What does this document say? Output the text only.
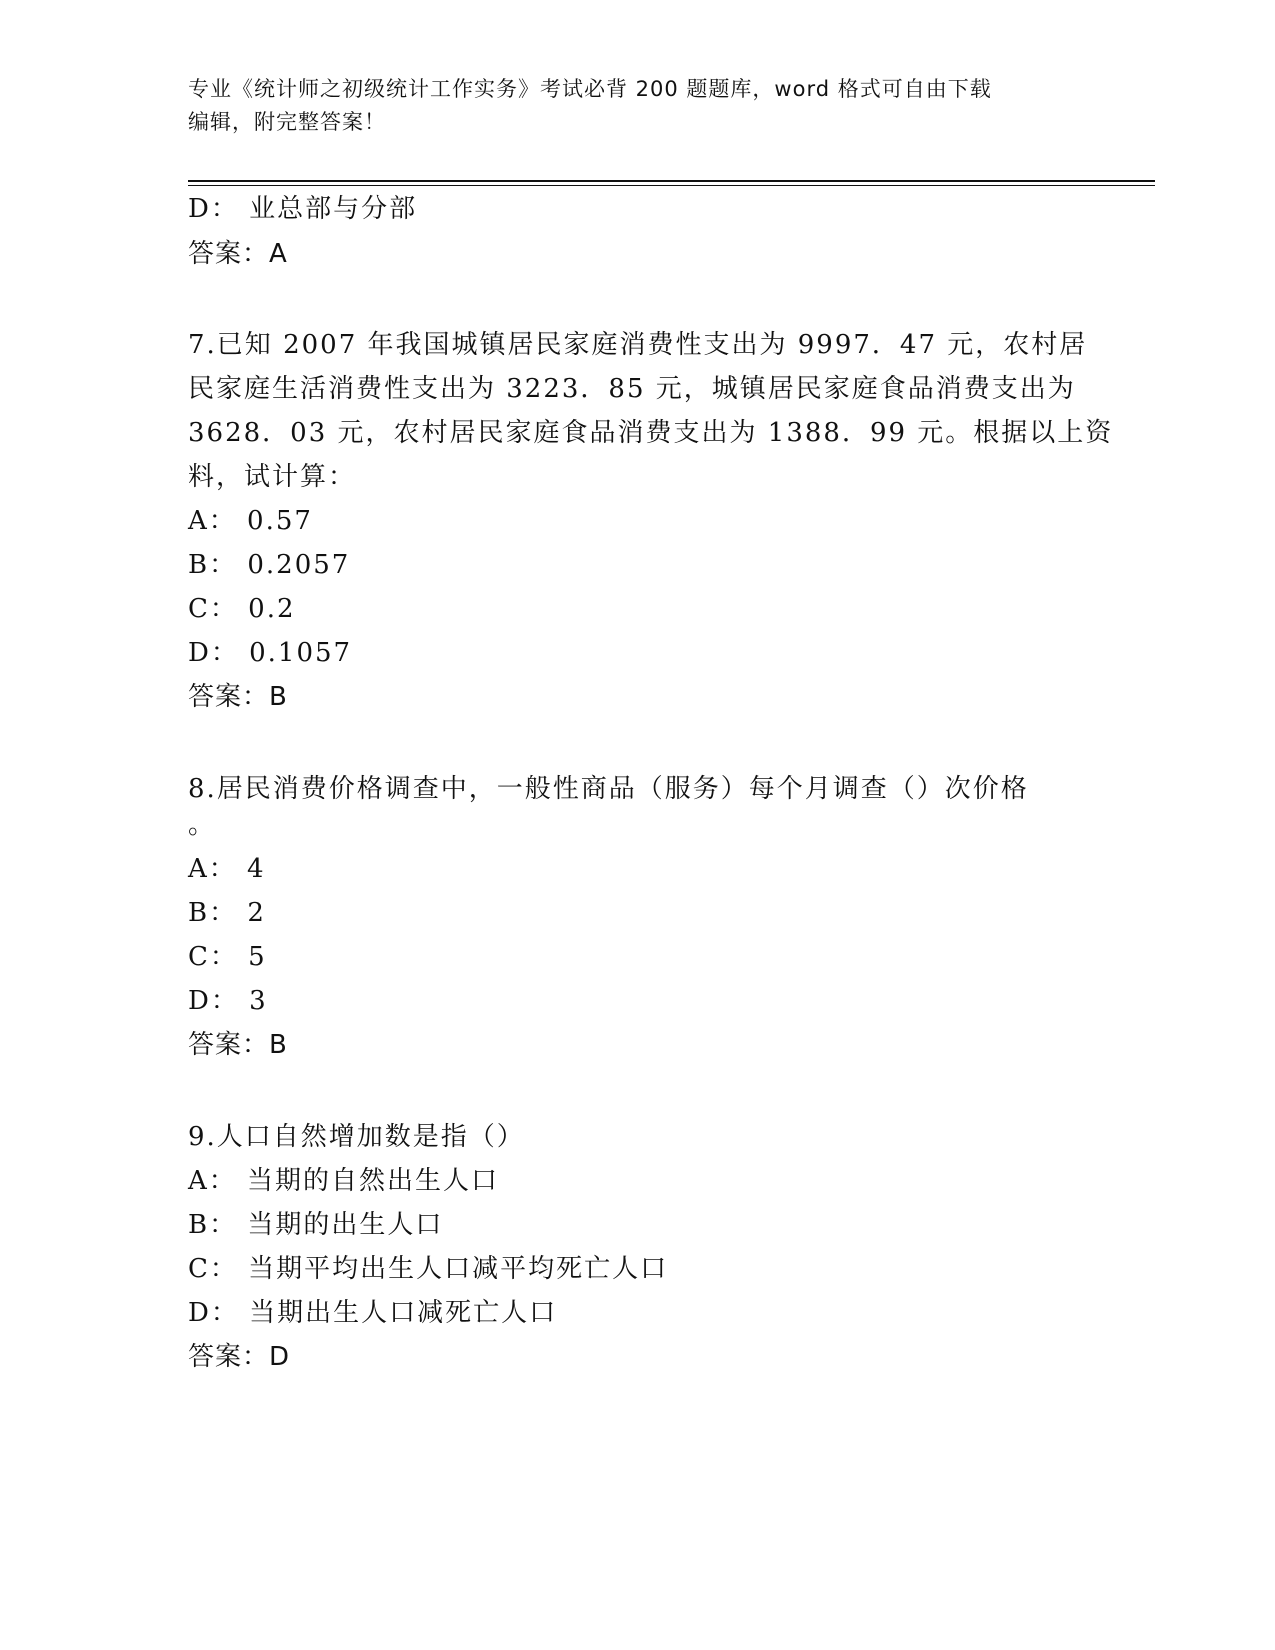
专业《统计师之初级统计工作实务》考试必背 200 题题库，word 格式可自由下载
编辑，附完整答案！
D： 业总部与分部
答案：A
7.已知 2007 年我国城镇居民家庭消费性支出为 9997．47 元，农村居
民家庭生活消费性支出为 3223．85 元，城镇居民家庭食品消费支出为
3628．03 元，农村居民家庭食品消费支出为 1388．99 元。根据以上资
料，试计算：
A： 0.57
B： 0.2057
C： 0.2
D： 0.1057
答案：B
8.居民消费价格调查中，一般性商品（服务）每个月调查（）次价格
。
A： 4
B： 2
C： 5
D： 3
答案：B
9.人口自然增加数是指（）
A： 当期的自然出生人口
B： 当期的出生人口
C： 当期平均出生人口减平均死亡人口
D： 当期出生人口减死亡人口
答案：D
